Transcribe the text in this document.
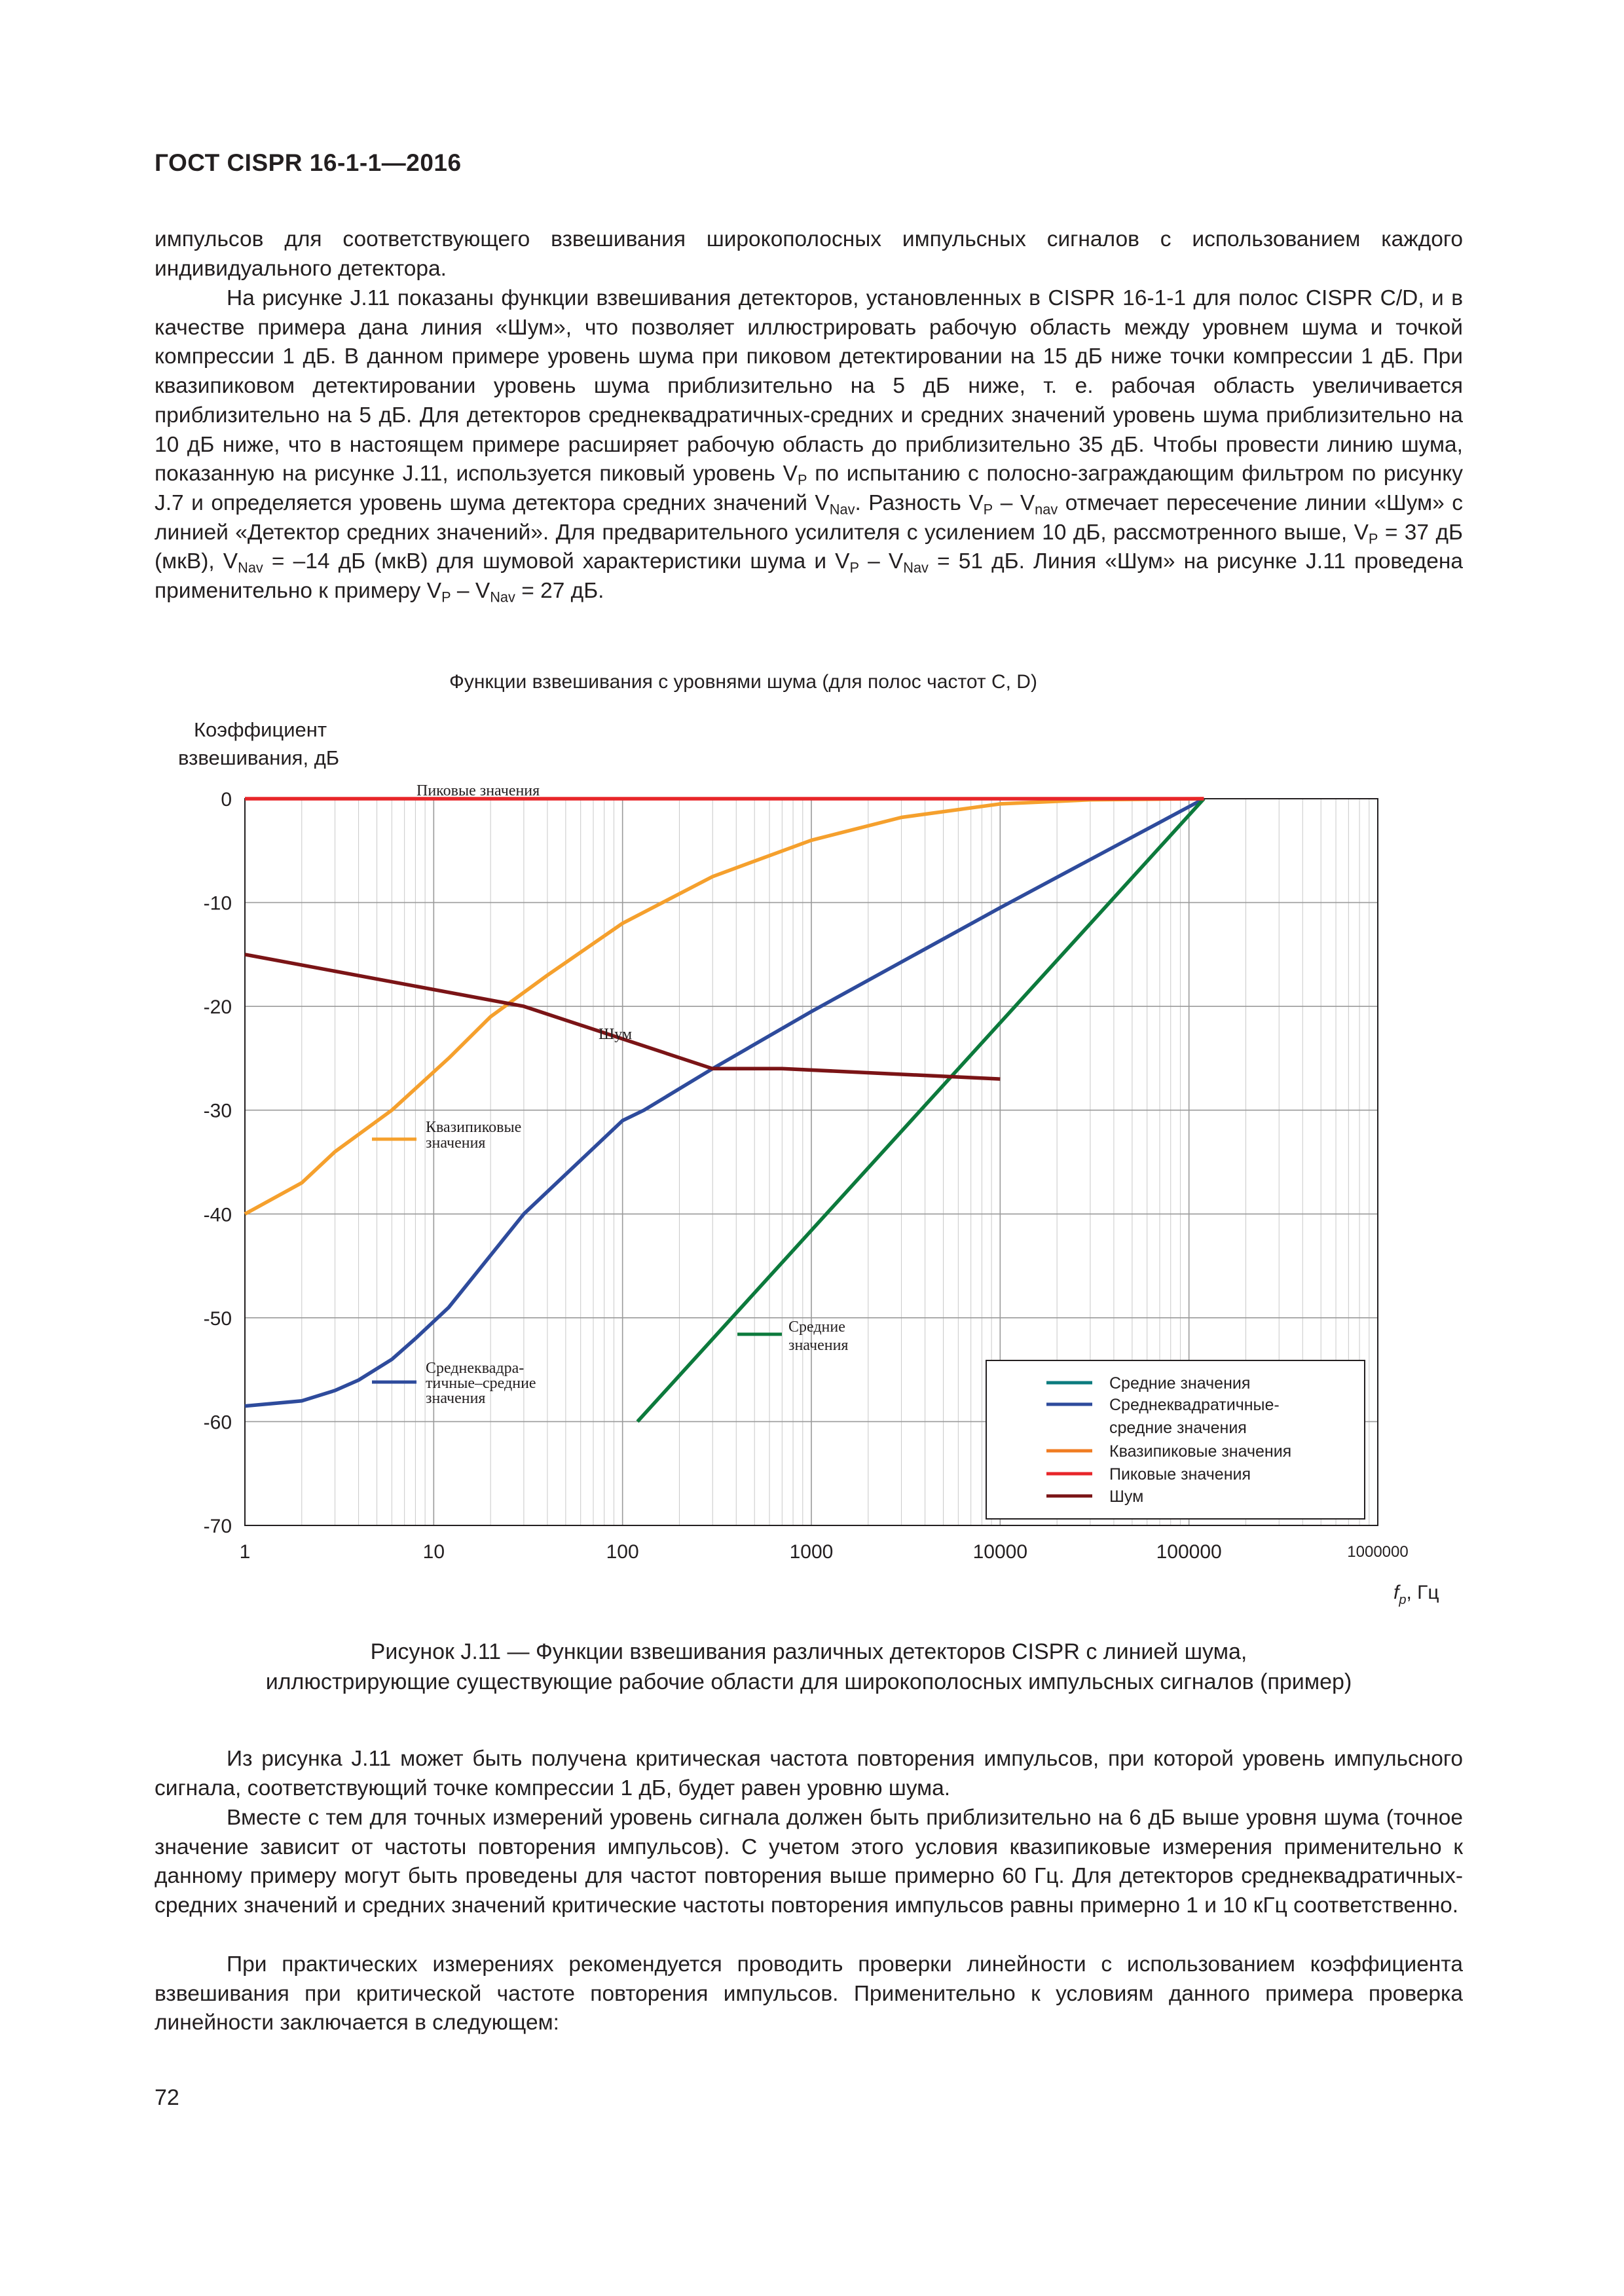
ГОСТ CISPR 16-1-1—2016

импульсов для соответствующего взвешивания широкополосных импульсных сигналов с использованием каждого индивидуального детектора.

На рисунке J.11 показаны функции взвешивания детекторов, установленных в CISPR 16-1-1 для полос CISPR C/D, и в качестве примера дана линия «Шум», что позволяет иллюстрировать рабочую область между уровнем шума и точкой компрессии 1 дБ. В данном примере уровень шума при пиковом детектировании на 15 дБ ниже точки компрессии 1 дБ. При квазипиковом детектировании уровень шума приблизительно на 5 дБ ниже, т. е. рабочая область увеличивается приблизительно на 5 дБ. Для детекторов среднеквадратичных-средних и средних значений уровень шума приблизительно на 10 дБ ниже, что в настоящем примере расширяет рабочую область до приблизительно 35 дБ. Чтобы провести линию шума, показанную на рисунке J.11, используется пиковый уровень $V_P$ по испытанию с полосно-заграждающим фильтром по рисунку J.7 и определяется уровень шума детектора средних значений $V_{Nav}$. Разность $V_P - V_{nav}$ отмечает пересечение линии «Шум» с линией «Детектор средних значений». Для предварительного усилителя с усилением 10 дБ, рассмотренного выше, $V_P = 37$ дБ (мкВ), $V_{Nav} = -14$ дБ (мкВ) для шумовой характеристики шума и $V_P - V_{Nav} = 51$ дБ. Линия «Шум» на рисунке J.11 проведена применительно к примеру $V_P - V_{Nav} = 27$ дБ.

Функции взвешивания с уровнями шума (для полос частот C, D)
Коэффициент
взвешивания, дБ
0
-10
-20
-30
-40
-50
-60
-70
1	10	100	1000	10000	100000	1000000
Пиковые значения
Шум
Квазипиковые
значения
Средние
значения
Среднеквадра-
тичные–средние
значения
Средние значения
Среднеквадратичные-
средние значения
Квазипиковые значения
Пиковые значения
Шум
$f_p$, Гц
Рисунок J.11 — Функции взвешивания различных детекторов CISPR с линией шума,
иллюстрирующие существующие рабочие области для широкополосных импульсных сигналов (пример)

Из рисунка J.11 может быть получена критическая частота повторения импульсов, при которой уровень импульсного сигнала, соответствующий точке компрессии 1 дБ, будет равен уровню шума.

Вместе с тем для точных измерений уровень сигнала должен быть приблизительно на 6 дБ выше уровня шума (точное значение зависит от частоты повторения импульсов). С учетом этого условия квазипиковые измерения применительно к данному примеру могут быть проведены для частот повторения выше примерно 60 Гц. Для детекторов среднеквадратичных-средних значений и средних значений критические частоты повторения импульсов равны примерно 1 и 10 кГц соответственно.

При практических измерениях рекомендуется проводить проверки линейности с использованием коэффициента взвешивания при критической частоте повторения импульсов. Применительно к условиям данного примера проверка линейности заключается в следующем:

72
